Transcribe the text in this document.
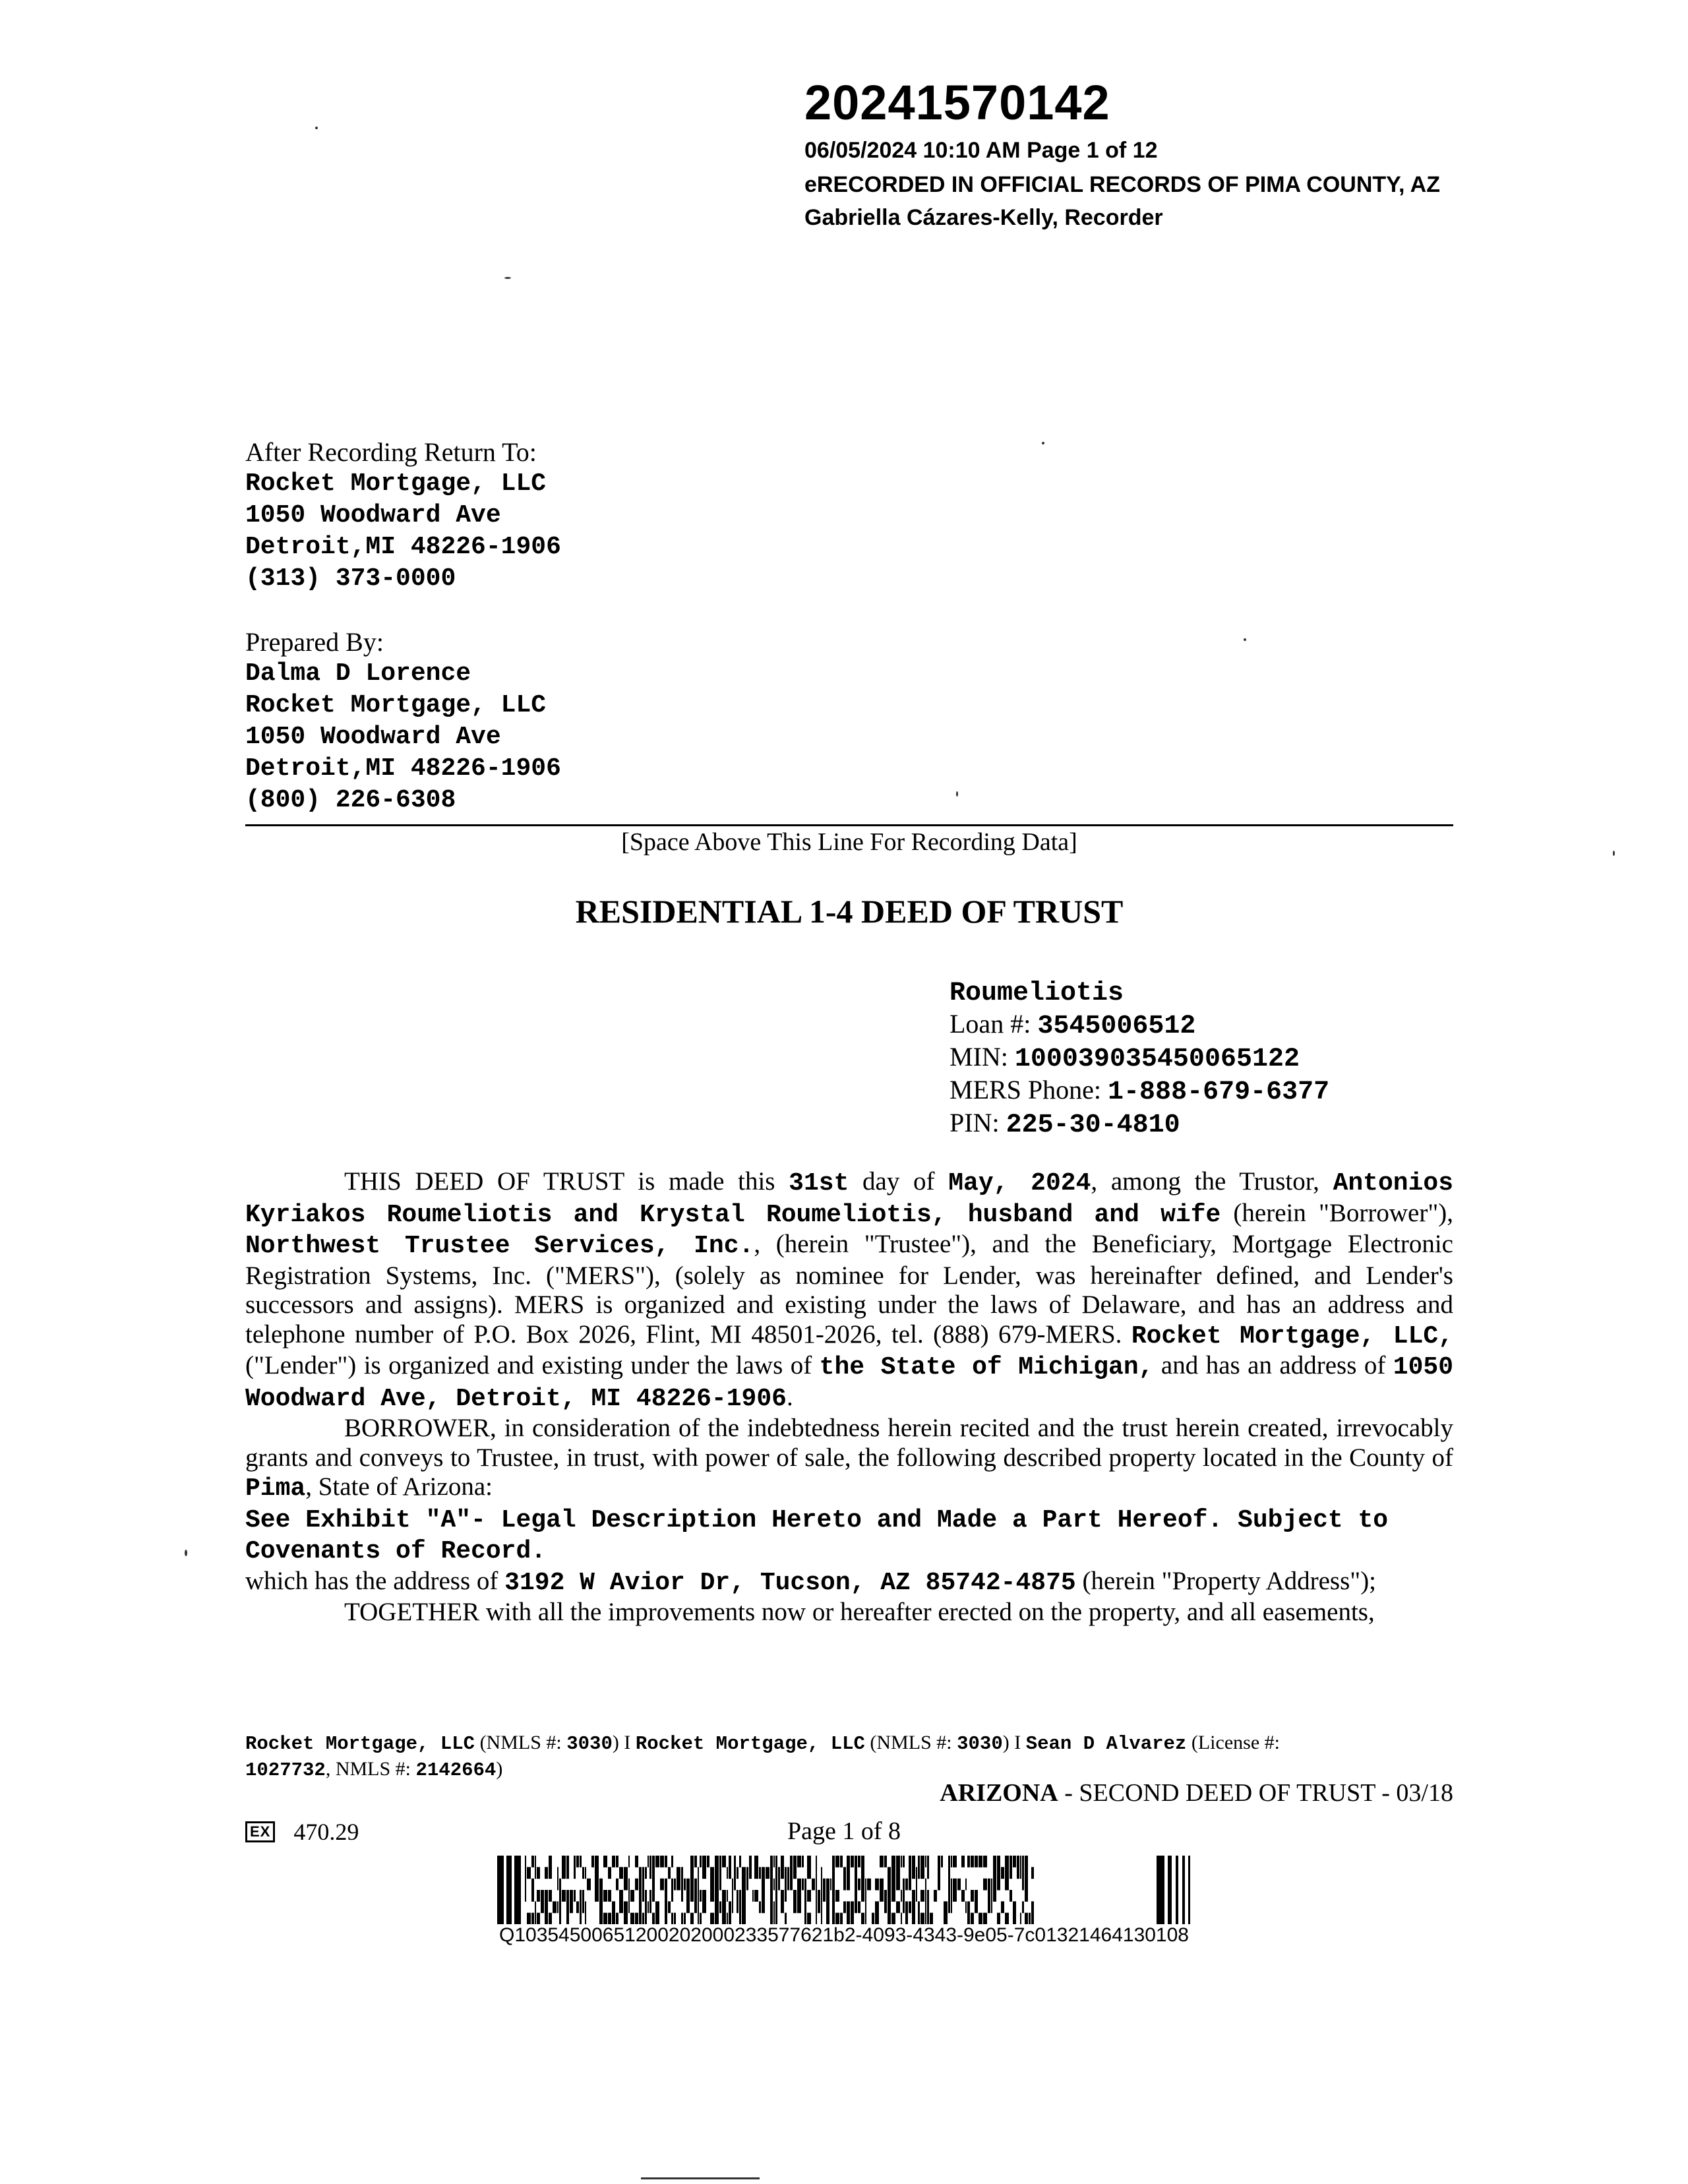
20241570142
06/05/2024 10:10 AM Page 1 of 12
eRECORDED IN OFFICIAL RECORDS OF PIMA COUNTY, AZ
Gabriella Cázares-Kelly, Recorder
After Recording Return To:
Rocket Mortgage, LLC
1050 Woodward Ave
Detroit,MI 48226-1906
(313) 373-0000
Prepared By:
Dalma D Lorence
Rocket Mortgage, LLC
1050 Woodward Ave
Detroit,MI 48226-1906
(800) 226-6308
[Space Above This Line For Recording Data]
RESIDENTIAL 1-4 DEED OF TRUST
Roumeliotis
Loan #: 3545006512
MIN: 100039035450065122
MERS Phone: 1-888-679-6377
PIN: 225-30-4810

THIS DEED OF TRUST is made this 31st day of May, 2024, among the Trustor, Antonios Kyriakos Roumeliotis and Krystal Roumeliotis, husband and wife (herein "Borrower"), Northwest Trustee Services, Inc., (herein "Trustee"), and the Beneficiary, Mortgage Electronic Registration Systems, Inc. ("MERS"), (solely as nominee for Lender, was hereinafter defined, and Lender's successors and assigns). MERS is organized and existing under the laws of Delaware, and has an address and telephone number of P.O. Box 2026, Flint, MI 48501-2026, tel. (888) 679-MERS. Rocket Mortgage, LLC, ("Lender") is organized and existing under the laws of the State of Michigan, and has an address of 1050 Woodward Ave, Detroit, MI 48226-1906.

BORROWER, in consideration of the indebtedness herein recited and the trust herein created, irrevocably grants and conveys to Trustee, in trust, with power of sale, the following described property located in the County of Pima, State of Arizona:

See Exhibit "A"- Legal Description Hereto and Made a Part Hereof. Subject to Covenants of Record.

which has the address of 3192 W Avior Dr, Tucson, AZ 85742-4875 (herein "Property Address");

TOGETHER with all the improvements now or hereafter erected on the property, and all easements,

Rocket Mortgage, LLC (NMLS #: 3030) I Rocket Mortgage, LLC (NMLS #: 3030) I Sean D Alvarez (License #:
1027732, NMLS #: 2142664)
ARIZONA - SECOND DEED OF TRUST - 03/18
EX 470.29	Page 1 of 8
Q10354500651200202000233577621b2-4093-4343-9e05-7c01321464130108
